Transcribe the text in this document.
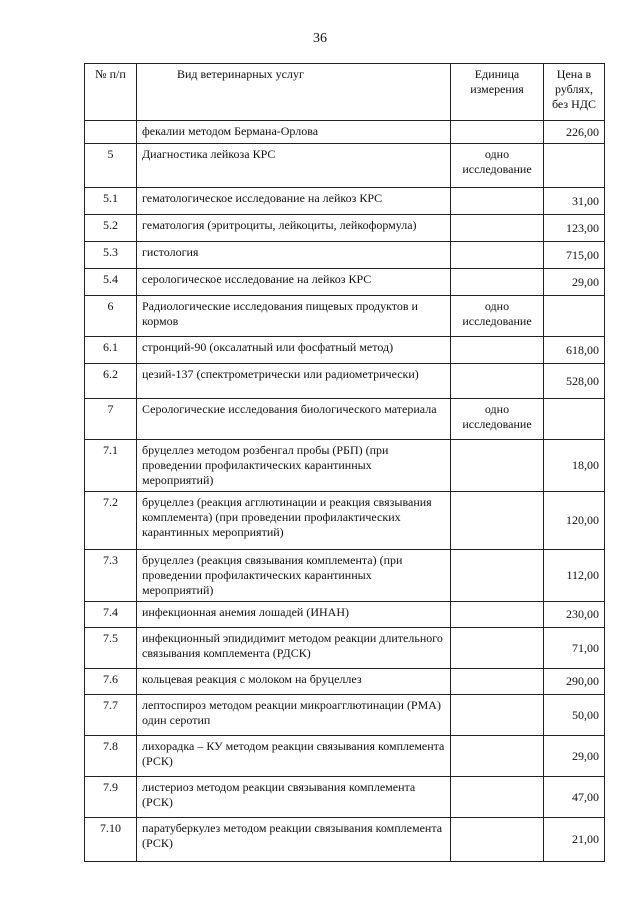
36
№ п/п	Вид ветеринарных услуг	Единица измерения	Цена в рублях, без НДС
	фекалии методом Бермана-Орлова		226,00
5	Диагностика лейкоза КРС	одно исследование	
5.1	гематологическое исследование на лейкоз КРС		31,00
5.2	гематология (эритроциты, лейкоциты, лейкоформула)		123,00
5.3	гистология		715,00
5.4	серологическое исследование на лейкоз КРС		29,00
6	Радиологические исследования пищевых продуктов и кормов	одно исследование	
6.1	стронций-90 (оксалатный или фосфатный метод)		618,00
6.2	цезий-137 (спектрометрически или радиометрически)		528,00
7	Серологические исследования биологического материала	одно исследование	
7.1	бруцеллез методом розбенгал пробы (РБП) (при проведении профилактических карантинных мероприятий)		18,00
7.2	бруцеллез (реакция агглютинации и реакция связывания комплемента) (при проведении профилактических карантинных мероприятий)		120,00
7.3	бруцеллез (реакция связывания комплемента) (при проведении профилактических карантинных мероприятий)		112,00
7.4	инфекционная анемия лошадей (ИНАН)		230,00
7.5	инфекционный эпидидимит методом реакции длительного связывания комплемента (РДСК)		71,00
7.6	кольцевая реакция с молоком на бруцеллез		290,00
7.7	лептоспироз методом реакции микроагглютинации (РМА) один серотип		50,00
7.8	лихорадка – КУ методом реакции связывания комплемента (РСК)		29,00
7.9	листериоз методом реакции связывания комплемента (РСК)		47,00
7.10	паратуберкулез методом реакции связывания комплемента (РСК)		21,00
